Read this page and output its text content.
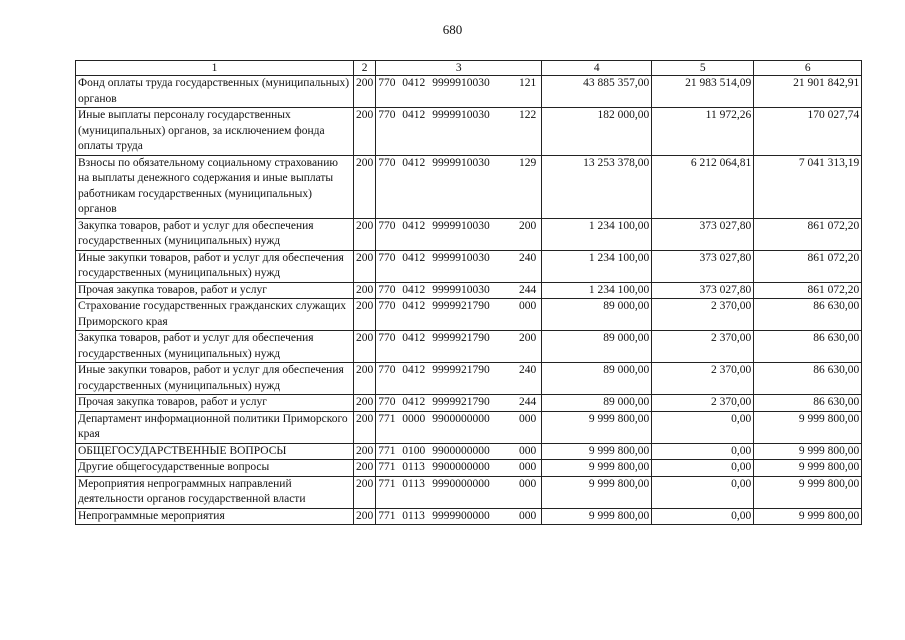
680
1	2	3	4	5	6
Фонд оплаты труда государственных (муниципальных) органов	200	770 0412 9999910030 121	43 885 357,00	21 983 514,09	21 901 842,91
Иные выплаты персоналу государственных (муниципальных) органов, за исключением фонда оплаты труда	200	770 0412 9999910030 122	182 000,00	11 972,26	170 027,74
Взносы по обязательному социальному страхованию на выплаты денежного содержания и иные выплаты работникам государственных (муниципальных) органов	200	770 0412 9999910030 129	13 253 378,00	6 212 064,81	7 041 313,19
Закупка товаров, работ и услуг для обеспечения государственных (муниципальных) нужд	200	770 0412 9999910030 200	1 234 100,00	373 027,80	861 072,20
Иные закупки товаров, работ и услуг для обеспечения государственных (муниципальных) нужд	200	770 0412 9999910030 240	1 234 100,00	373 027,80	861 072,20
Прочая закупка товаров, работ и услуг	200	770 0412 9999910030 244	1 234 100,00	373 027,80	861 072,20
Страхование государственных гражданских служащих Приморского края	200	770 0412 9999921790 000	89 000,00	2 370,00	86 630,00
Закупка товаров, работ и услуг для обеспечения государственных (муниципальных) нужд	200	770 0412 9999921790 200	89 000,00	2 370,00	86 630,00
Иные закупки товаров, работ и услуг для обеспечения государственных (муниципальных) нужд	200	770 0412 9999921790 240	89 000,00	2 370,00	86 630,00
Прочая закупка товаров, работ и услуг	200	770 0412 9999921790 244	89 000,00	2 370,00	86 630,00
Департамент информационной политики Приморского края	200	771 0000 9900000000 000	9 999 800,00	0,00	9 999 800,00
ОБЩЕГОСУДАРСТВЕННЫЕ ВОПРОСЫ	200	771 0100 9900000000 000	9 999 800,00	0,00	9 999 800,00
Другие общегосударственные вопросы	200	771 0113 9900000000 000	9 999 800,00	0,00	9 999 800,00
Мероприятия непрограммных направлений деятельности органов государственной власти	200	771 0113 9990000000 000	9 999 800,00	0,00	9 999 800,00
Непрограммные мероприятия	200	771 0113 9999900000 000	9 999 800,00	0,00	9 999 800,00
